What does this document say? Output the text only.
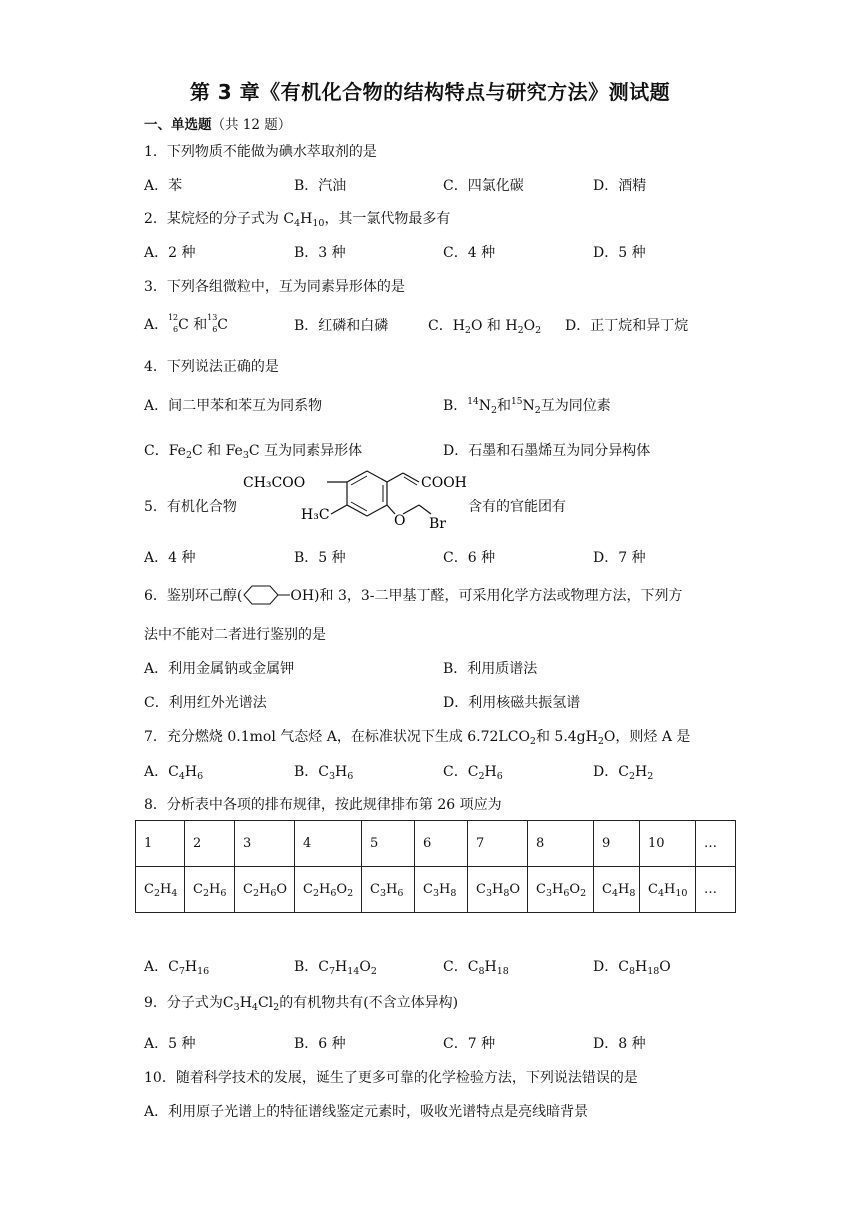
第 3 章《有机化合物的结构特点与研究方法》测试题
一、单选题（共 12 题）
1．下列物质不能做为碘水萃取剂的是
A．苯	B．汽油	C．四氯化碳	D．酒精
2．某烷烃的分子式为 $C_4H_{10}$，其一氯代物最多有
A．2 种	B．3 种	C．4 种	D．5 种
3．下列各组微粒中，互为同素异形体的是
A． 12
6 C 和 13
6 C	B．红磷和白磷	C．$H_2O$ 和 $H_2O_2$ D．正丁烷和异丁烷
4．下列说法正确的是
A．间二甲苯和苯互为同系物	B．$^{14}N_2$和$^{15}N_2$互为同位素
C．$Fe_2C$ 和 $Fe_3C$ 互为同素异形体	D．石墨和石墨烯互为同分异构体
5．有机化合物
CH₃COO	COOH
H₃C	O Br
含有的官能团有
A．4 种	B．5 种	C．6 种	D．7 种
6．鉴别环己醇(	OH)和 3，3-二甲基丁醛，可采用化学方法或物理方法，下列方
法中不能对二者进行鉴别的是
A．利用金属钠或金属钾	B．利用质谱法
C．利用红外光谱法	D．利用核磁共振氢谱
7．充分燃烧 0.1mol 气态烃 A，在标准状况下生成 $6.72LCO_2$和 $5.4gH_2O$，则烃 A 是
A．$C_4H_6$	B．$C_3H_6$	C．$C_2H_6$	D．$C_2H_2$
8．分析表中各项的排布规律，按此规律排布第 26 项应为
1	2	3	4	5	6	7	8	9	10	…
$C_2H_4$	$C_2H_6$	$C_2H_6O$	$C_2H_6O_2$	$C_3H_6$	$C_3H_8$	$C_3H_8O$	$C_3H_6O_2$	$C_4H_8$	$C_4H_{10}$	…
A．$C_7H_{16}$	B．$C_7H_{14}O_2$	C．$C_8H_{18}$	D．$C_8H_{18}O$
9．分子式为$C_3H_4Cl_2$的有机物共有(不含立体异构)
A．5 种	B．6 种	C．7 种	D．8 种
10．随着科学技术的发展，诞生了更多可靠的化学检验方法，下列说法错误的是
A．利用原子光谱上的特征谱线鉴定元素时，吸收光谱特点是亮线暗背景
